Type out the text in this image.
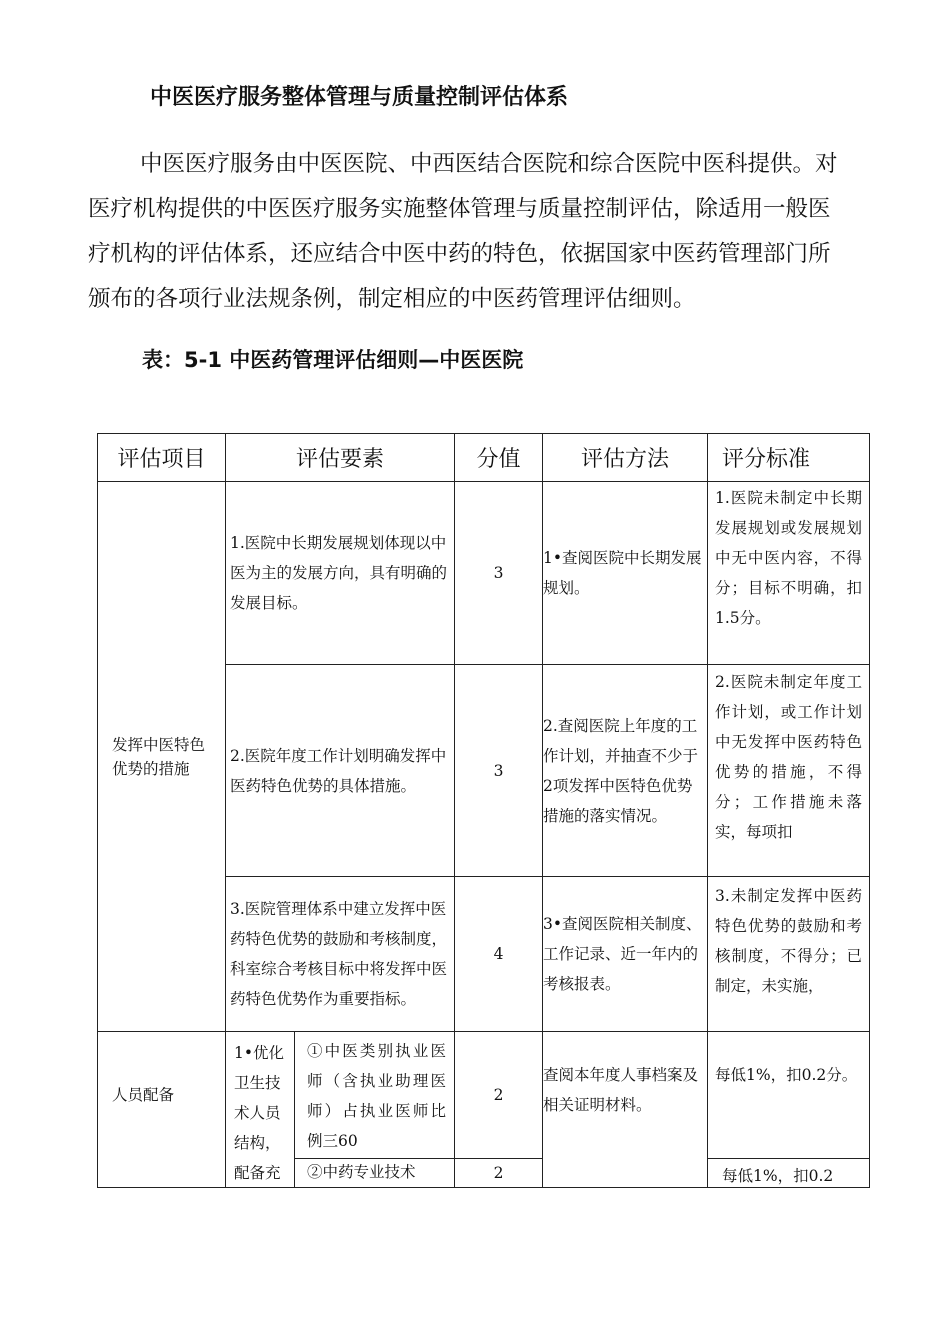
中医医疗服务整体管理与质量控制评估体系
中医医疗服务由中医医院、中西医结合医院和综合医院中医科提供。对
医疗机构提供的中医医疗服务实施整体管理与质量控制评估，除适用一般医
疗机构的评估体系，还应结合中医中药的特色，依据国家中医药管理部门所
颁布的各项行业法规条例，制定相应的中医药管理评估细则。
表：5-1 中医药管理评估细则—中医医院
评估项目	评估要素		分值	评估方法	评分标准

发挥中医特色
优势的措施	1.医院中长期发展规划体现以中医为主的发展方向，具有明确的发展目标。		3	1•查阅医院中长期发展规划。	1.医院未制定中长期发展规划或发展规划中无中医内容，不得分；目标不明确，扣1.5分。

	2.医院年度工作计划明确发挥中医药特色优势的具体措施。		3	2.查阅医院上年度的工作计划，并抽查不少于2项发挥中医特色优势措施的落实情况。	2.医院未制定年度工作计划，或工作计划中无发挥中医药特色优势的措施，不得分；工作措施未落实，每项扣

	3.医院管理体系中建立发挥中医药特色优势的鼓励和考核制度，科室综合考核目标中将发挥中医药特色优势作为重要指标。		4	3•查阅医院相关制度、工作记录、近一年内的考核报表。	3.未制定发挥中医药特色优势的鼓励和考核制度，不得分；已制定，未实施，

人员配备	1•优化卫生技术人员结构，配备充	①中医类别执业医师（含执业助理医师）占执业医师比例三60	2	查阅本年度人事档案及相关证明材料。	每低1%，扣0.2分。

		②中药专业技术	2		每低1%，扣0.2
